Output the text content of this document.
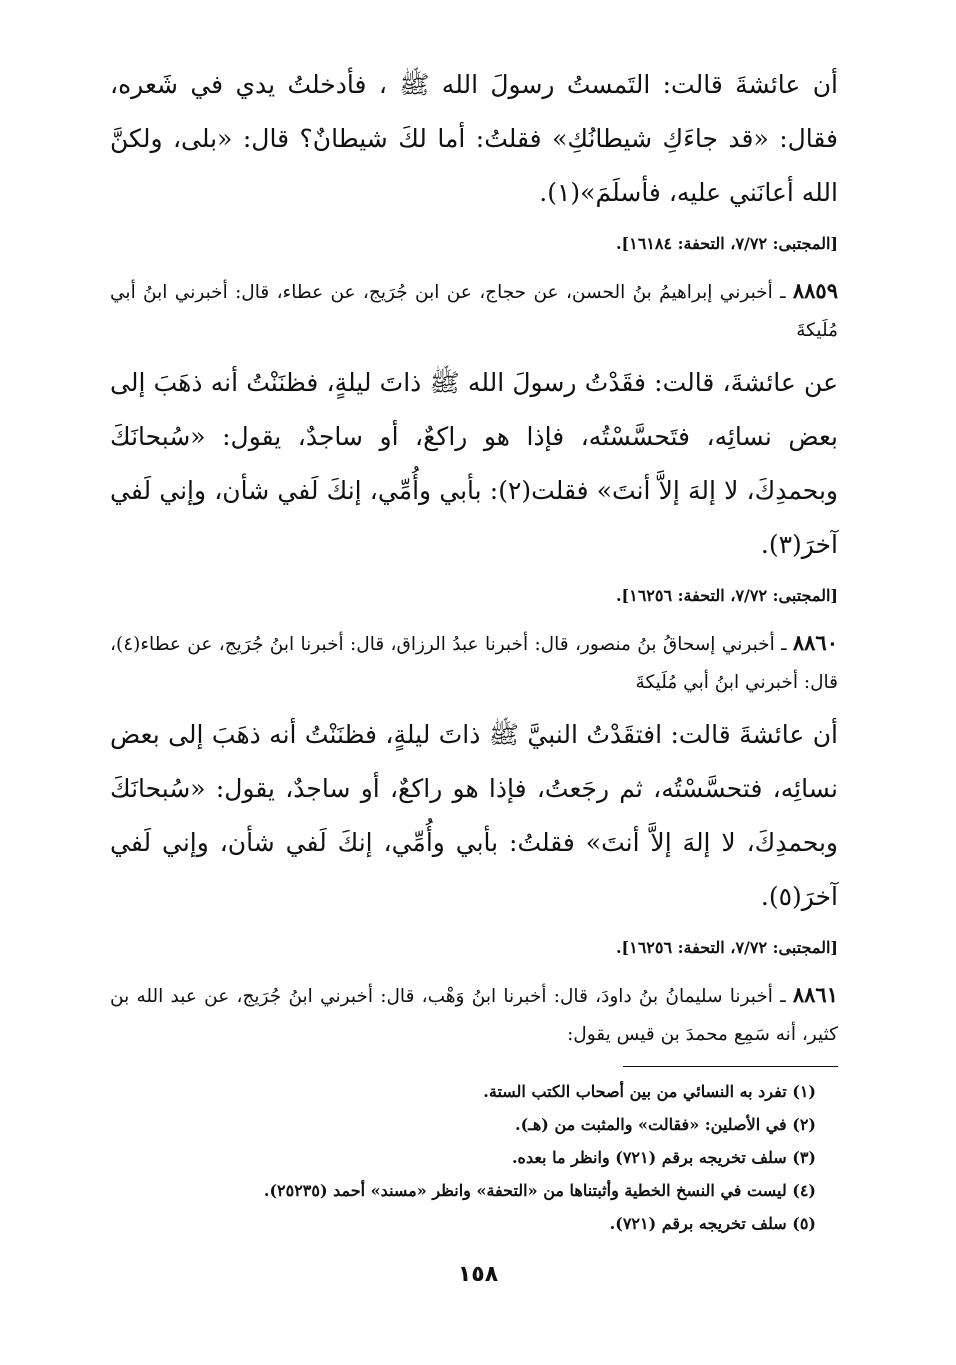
أن عائشةَ قالت: التَمستُ رسولَ الله ﷺ ، فأدخلتُ يدي في شَعره، فقال: «قد جاءَكِ شيطانُكِ» فقلتُ: أما لكَ شيطانٌ؟ قال: «بلى، ولكنَّ الله أعانَني عليه، فأسلَمَ»(١).

[المجتبى: ٧/٧٢، التحفة: ١٦١٨٤].

٨٨٥٩ ـ أخبرني إبراهيمُ بنُ الحسن، عن حجاج، عن ابن جُرَيج، عن عطاء، قال: أخبرني ابنُ أبي مُلَيكةَ

عن عائشةَ، قالت: فقَدْتُ رسولَ الله ﷺ ذاتَ ليلةٍ، فظنَنْتُ أنه ذهَبَ إلى بعض نسائِه، فتَحسَّسْتُه، فإذا هو راكعٌ، أو ساجدٌ، يقول: «سُبحانَكَ وبحمدِكَ، لا إلهَ إلاَّ أنتَ» فقلت(٢): بأبي وأُمِّي، إنكَ لَفي شأن، وإني لَفي آخرَ(٣).

[المجتبى: ٧/٧٢، التحفة: ١٦٢٥٦].

٨٨٦٠ ـ أخبرني إسحاقُ بنُ منصور، قال: أخبرنا عبدُ الرزاق، قال: أخبرنا ابنُ جُرَيج، عن عطاء(٤)، قال: أخبرني ابنُ أبي مُلَيكةَ

أن عائشةَ قالت: افتقَدْتُ النبيَّ ﷺ ذاتَ ليلةٍ، فظنَنْتُ أنه ذهَبَ إلى بعض نسائِه، فتحسَّسْتُه، ثم رجَعتُ، فإذا هو راكعٌ، أو ساجدٌ، يقول: «سُبحانَكَ وبحمدِكَ، لا إلهَ إلاَّ أنتَ» فقلتُ: بأبي وأُمِّي، إنكَ لَفي شأن، وإني لَفي آخرَ(٥).

[المجتبى: ٧/٧٢، التحفة: ١٦٢٥٦].

٨٨٦١ ـ أخبرنا سليمانُ بنُ داودَ، قال: أخبرنا ابنُ وَهْب، قال: أخبرني ابنُ جُرَيج، عن عبد الله بن كثير، أنه سَمِع محمدَ بن قيس يقول:

(١) تفرد به النسائي من بين أصحاب الكتب الستة.

(٢) في الأصلين: «فقالت» والمثبت من (هـ).

(٣) سلف تخريجه برقم (٧٢١) وانظر ما بعده.

(٤) ليست في النسخ الخطية وأثبتناها من «التحفة» وانظر «مسند» أحمد (٢٥٢٣٥).

(٥) سلف تخريجه برقم (٧٢١).

١٥٨
